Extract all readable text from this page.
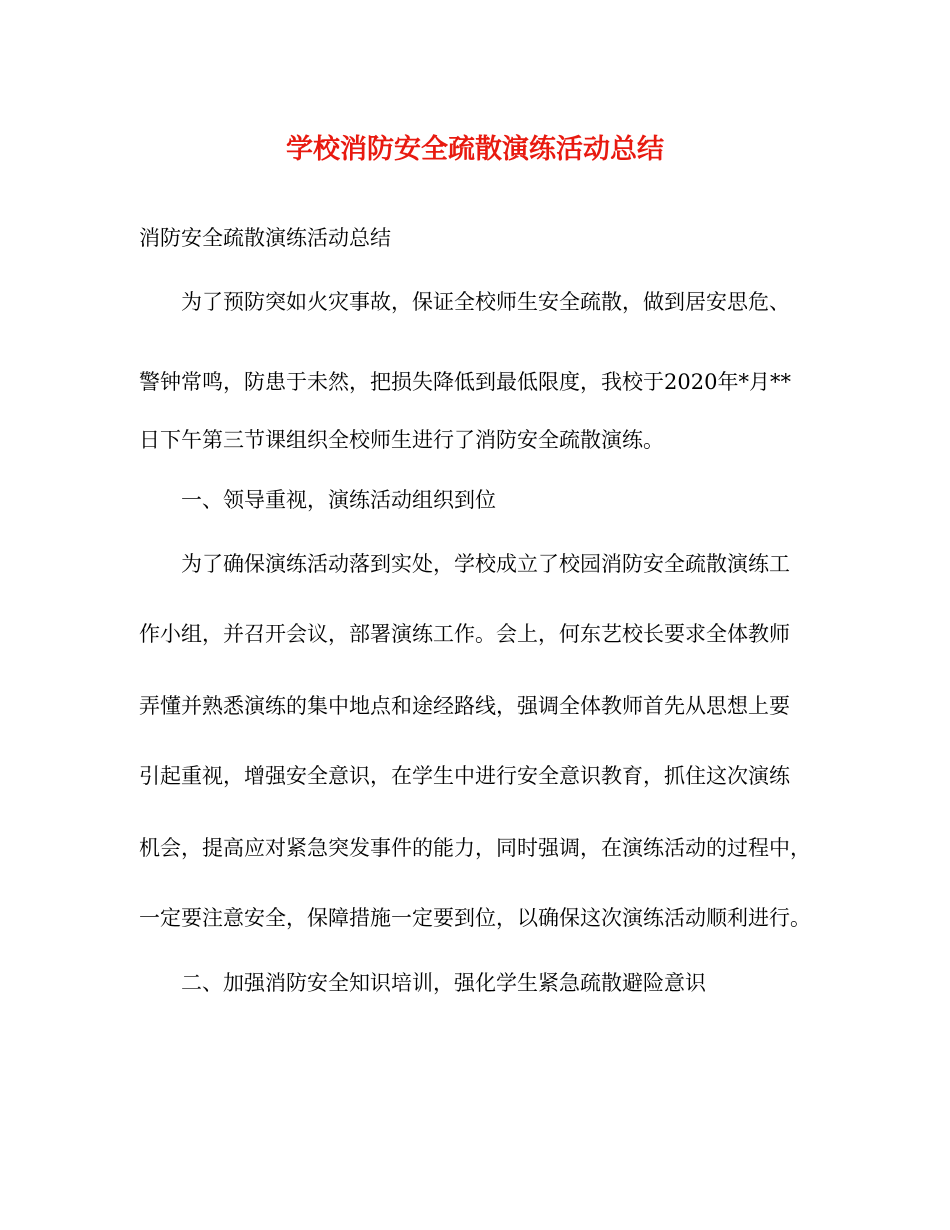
学校消防安全疏散演练活动总结
消防安全疏散演练活动总结
　　为了预防突如火灾事故，保证全校师生安全疏散，做到居安思危、
警钟常鸣，防患于未然，把损失降低到最低限度，我校于2020年*月**
日下午第三节课组织全校师生进行了消防安全疏散演练。
　　一、领导重视，演练活动组织到位
　　为了确保演练活动落到实处，学校成立了校园消防安全疏散演练工
作小组，并召开会议，部署演练工作。会上，何东艺校长要求全体教师
弄懂并熟悉演练的集中地点和途经路线，强调全体教师首先从思想上要
引起重视，增强安全意识，在学生中进行安全意识教育，抓住这次演练
机会，提高应对紧急突发事件的能力，同时强调，在演练活动的过程中，
一定要注意安全，保障措施一定要到位，以确保这次演练活动顺利进行。
　　二、加强消防安全知识培训，强化学生紧急疏散避险意识
